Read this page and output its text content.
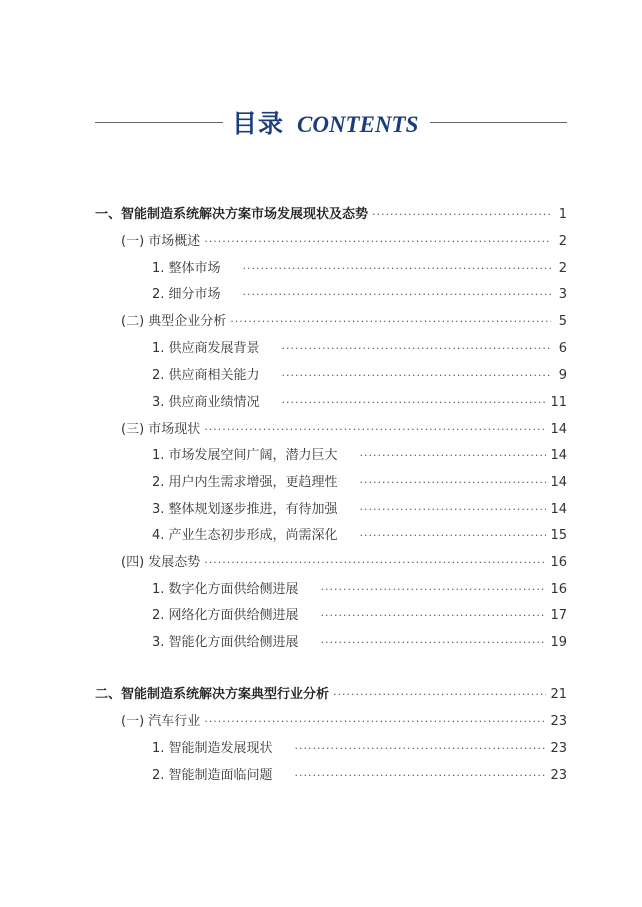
目录 CONTENTS
一、智能制造系统解决方案市场发展现状及态势 ·····	1
(一) 市场概述 ·····	2
1. 整体市场 ·····	2
2. 细分市场 ·····	3
(二) 典型企业分析 ·····	5
1. 供应商发展背景 ·····	6
2. 供应商相关能力 ·····	9
3. 供应商业绩情况 ·····	11
(三) 市场现状 ·····	14
1. 市场发展空间广阔，潜力巨大 ·····	14
2. 用户内生需求增强，更趋理性 ·····	14
3. 整体规划逐步推进，有待加强 ·····	14
4. 产业生态初步形成，尚需深化 ·····	15
(四) 发展态势 ·····	16
1. 数字化方面供给侧进展 ·····	16
2. 网络化方面供给侧进展 ·····	17
3. 智能化方面供给侧进展 ·····	19
二、智能制造系统解决方案典型行业分析 ·····	21
(一) 汽车行业 ·····	23
1. 智能制造发展现状 ·····	23
2. 智能制造面临问题 ·····	23
